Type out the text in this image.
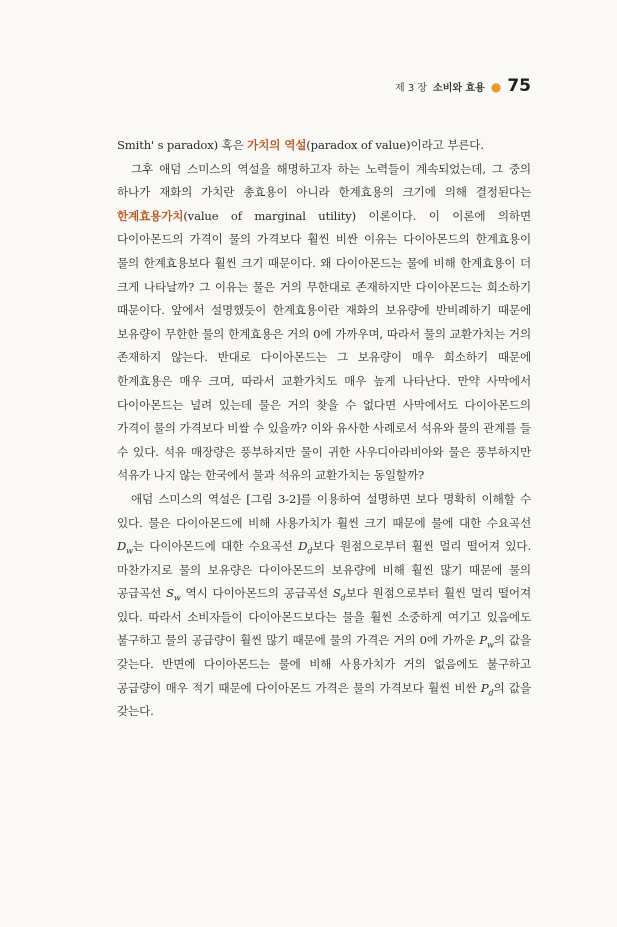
제 3 장 소비와 효용 ● 75

Smith' s paradox) 혹은 가치의 역설(paradox of value)이라고 부른다.

그후 애덤 스미스의 역설을 해명하고자 하는 노력들이 계속되었는데, 그 중의 하나가 재화의 가치란 총효용이 아니라 한계효용의 크기에 의해 결정된다는 한계효용가치(value of marginal utility) 이론이다. 이 이론에 의하면 다이아몬드의 가격이 물의 가격보다 훨씬 비싼 이유는 다이아몬드의 한계효용이 물의 한계효용보다 훨씬 크기 때문이다. 왜 다이아몬드는 물에 비해 한계효용이 더 크게 나타날까? 그 이유는 물은 거의 무한대로 존재하지만 다이아몬드는 희소하기 때문이다. 앞에서 설명했듯이 한계효용이란 재화의 보유량에 반비례하기 때문에 보유량이 무한한 물의 한계효용은 거의 0에 가까우며, 따라서 물의 교환가치는 거의 존재하지 않는다. 반대로 다이아몬드는 그 보유량이 매우 희소하기 때문에 한계효용은 매우 크며, 따라서 교환가치도 매우 높게 나타난다. 만약 사막에서 다이아몬드는 널려 있는데 물은 거의 찾을 수 없다면 사막에서도 다이아몬드의 가격이 물의 가격보다 비쌀 수 있을까? 이와 유사한 사례로서 석유와 물의 관계를 들 수 있다. 석유 매장량은 풍부하지만 물이 귀한 사우디아라비아와 물은 풍부하지만 석유가 나지 않는 한국에서 물과 석유의 교환가치는 동일할까?

애덤 스미스의 역설은 [그림 3-2]를 이용하여 설명하면 보다 명확히 이해할 수 있다. 물은 다이아몬드에 비해 사용가치가 훨씬 크기 때문에 물에 대한 수요곡선 $D_w$는 다이아몬드에 대한 수요곡선 $D_d$보다 원점으로부터 훨씬 멀리 떨어져 있다. 마찬가지로 물의 보유량은 다이아몬드의 보유량에 비해 훨씬 많기 때문에 물의 공급곡선 $S_w$ 역시 다이아몬드의 공급곡선 $S_d$보다 원점으로부터 훨씬 멀리 떨어져 있다. 따라서 소비자들이 다이아몬드보다는 물을 훨씬 소중하게 여기고 있음에도 불구하고 물의 공급량이 훨씬 많기 때문에 물의 가격은 거의 0에 가까운 $P_w$의 값을 갖는다. 반면에 다이아몬드는 물에 비해 사용가치가 거의 없음에도 불구하고 공급량이 매우 적기 때문에 다이아몬드 가격은 물의 가격보다 훨씬 비싼 $P_d$의 값을 갖는다.
